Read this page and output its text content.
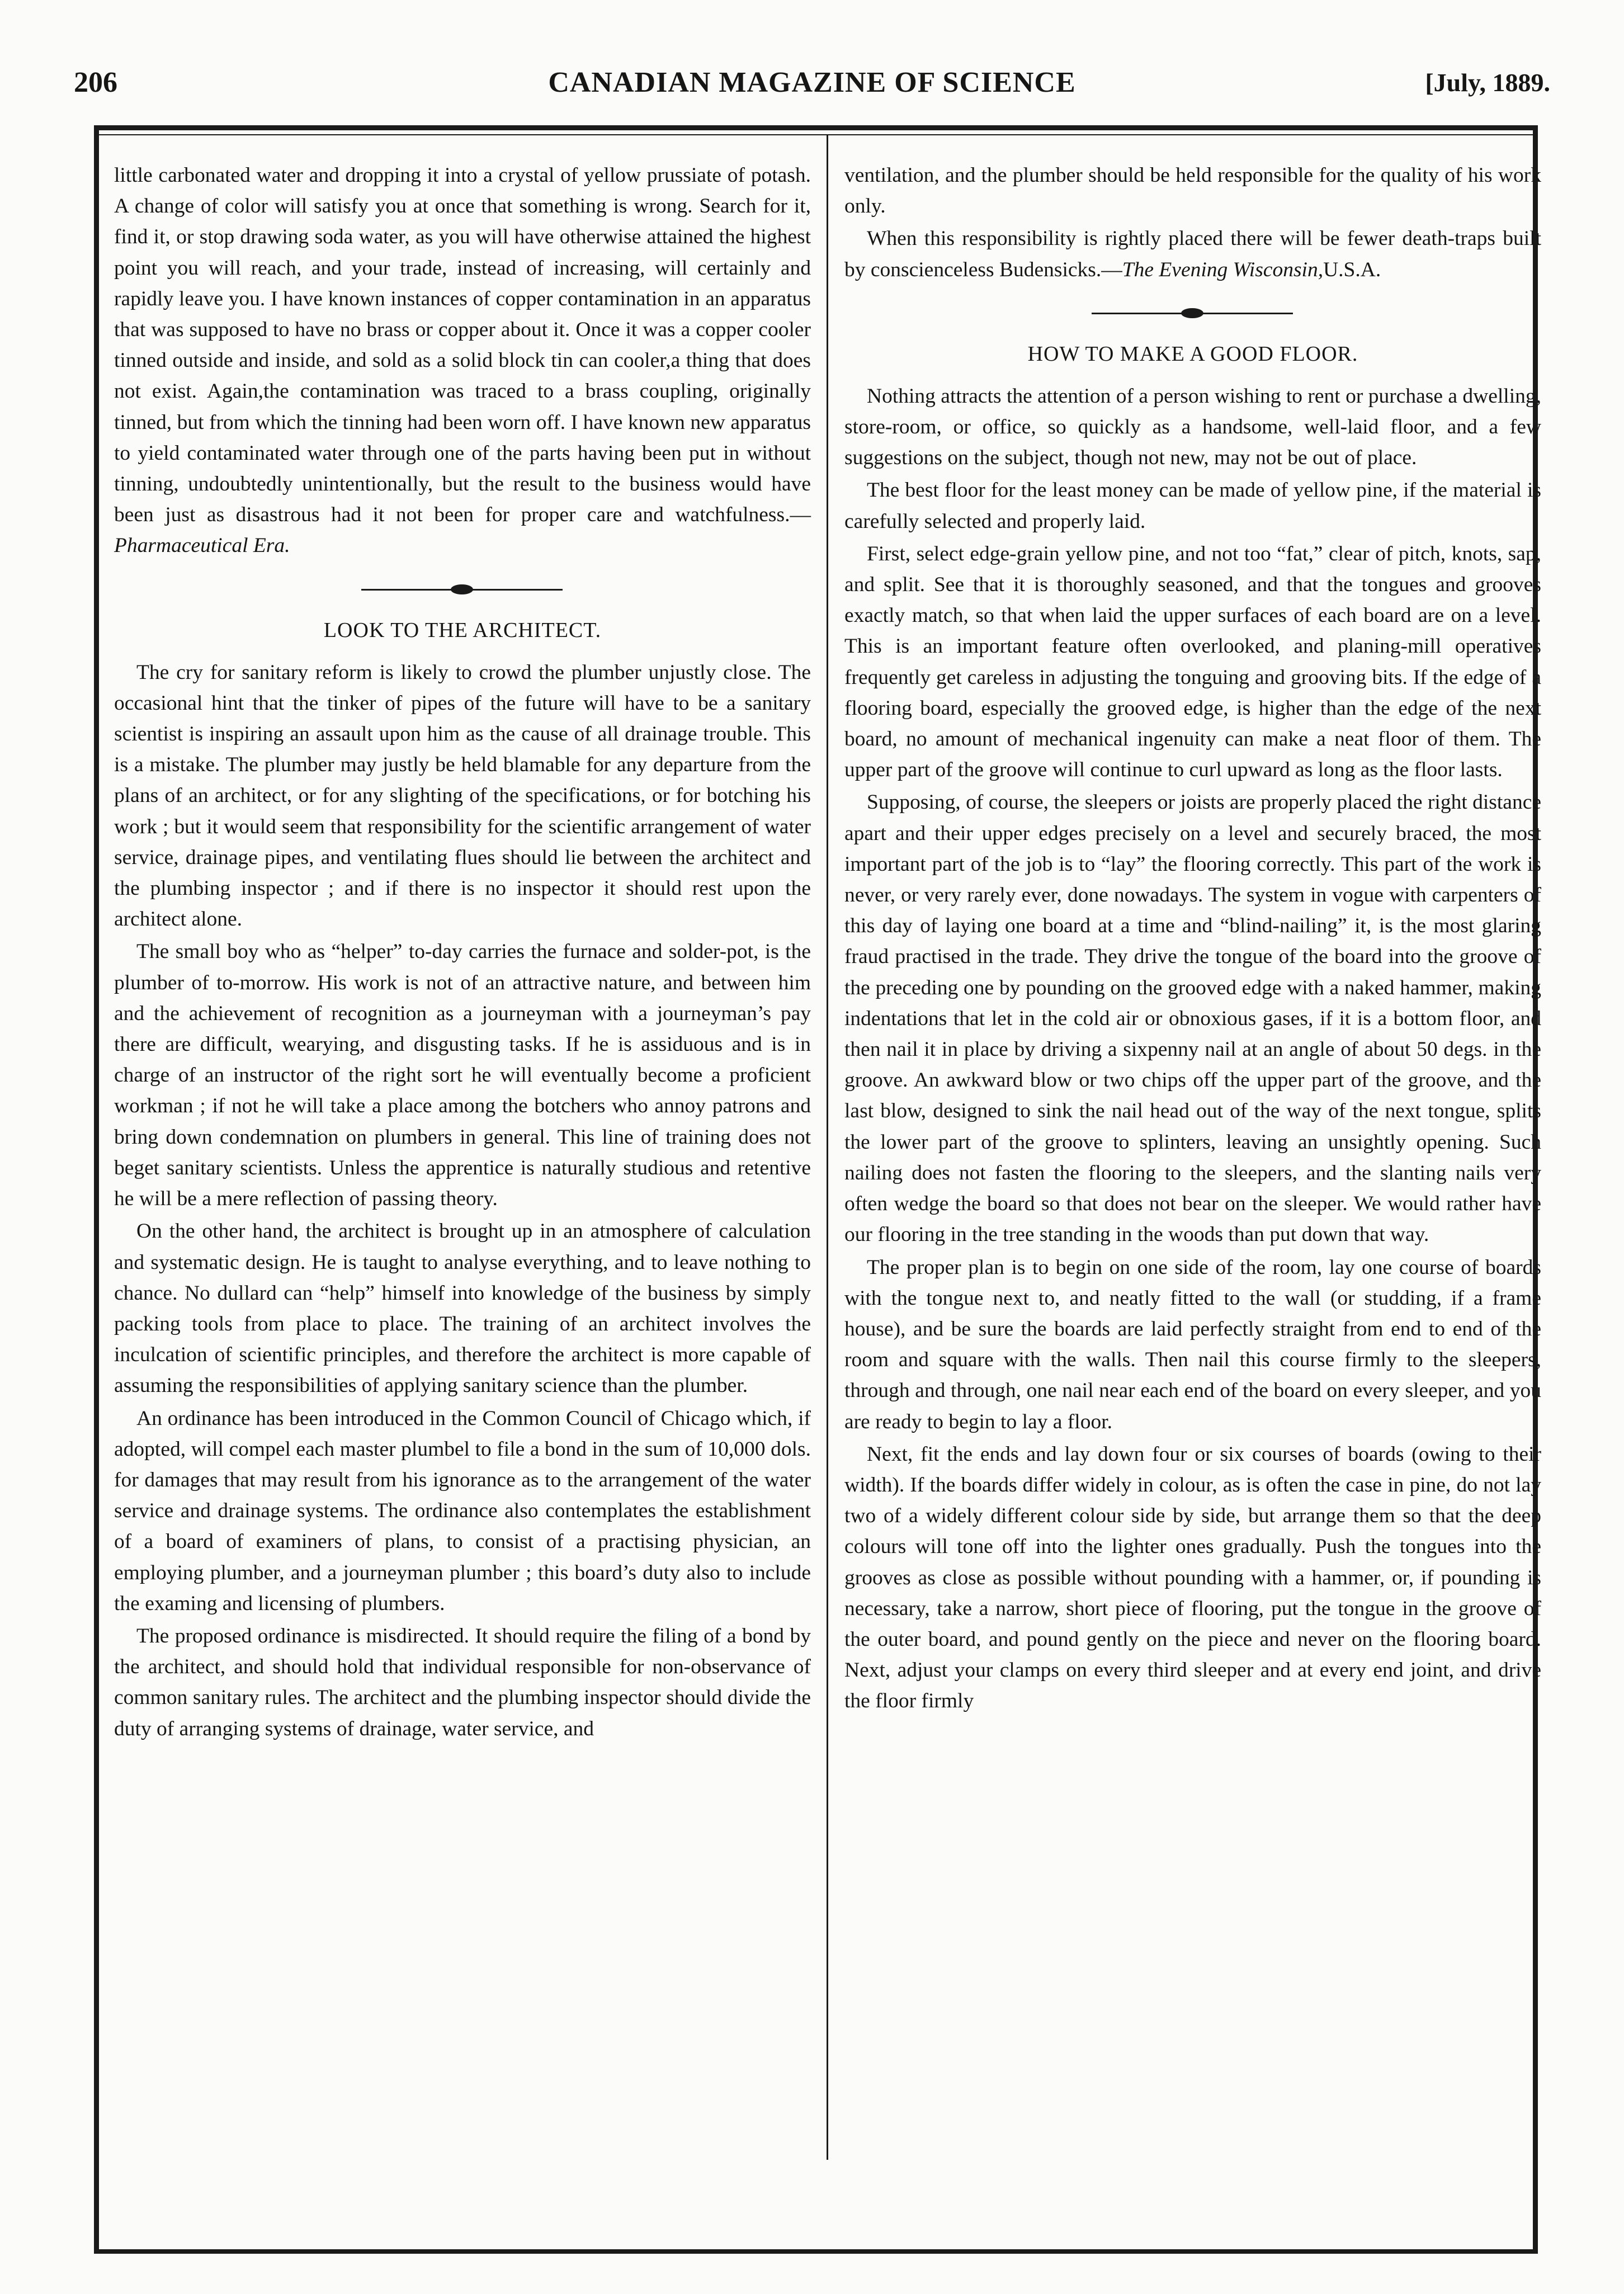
206	CANADIAN MAGAZINE OF SCIENCE	[July, 1889.

little carbonated water and dropping it into a crystal of yellow prussiate of potash. A change of color will satisfy you at once that something is wrong. Search for it, find it, or stop drawing soda water, as you will have otherwise attained the highest point you will reach, and your trade, instead of increasing, will certainly and rapidly leave you. I have known instances of copper contamination in an apparatus that was supposed to have no brass or copper about it. Once it was a copper cooler tinned outside and inside, and sold as a solid block tin can cooler,a thing that does not exist. Again,the contamination was traced to a brass coupling, originally tinned, but from which the tinning had been worn off. I have known new apparatus to yield contaminated water through one of the parts having been put in without tinning, undoubtedly unintentionally, but the result to the business would have been just as disastrous had it not been for proper care and watchfulness.—Pharmaceutical Era.

LOOK TO THE ARCHITECT.

The cry for sanitary reform is likely to crowd the plumber unjustly close. The occasional hint that the tinker of pipes of the future will have to be a sanitary scientist is inspiring an assault upon him as the cause of all drainage trouble. This is a mistake. The plumber may justly be held blamable for any departure from the plans of an architect, or for any slighting of the specifications, or for botching his work ; but it would seem that responsibility for the scientific arrangement of water service, drainage pipes, and ventilating flues should lie between the architect and the plumbing inspector ; and if there is no inspector it should rest upon the architect alone.

The small boy who as “helper” to-day carries the furnace and solder-pot, is the plumber of to-morrow. His work is not of an attractive nature, and between him and the achievement of recognition as a journeyman with a journeyman’s pay there are difficult, wearying, and disgusting tasks. If he is assiduous and is in charge of an instructor of the right sort he will eventually become a proficient workman ; if not he will take a place among the botchers who annoy patrons and bring down condemnation on plumbers in general. This line of training does not beget sanitary scientists. Unless the apprentice is naturally studious and retentive he will be a mere reflection of passing theory.

On the other hand, the architect is brought up in an atmosphere of calculation and systematic design. He is taught to analyse everything, and to leave nothing to chance. No dullard can “help” himself into knowledge of the business by simply packing tools from place to place. The training of an architect involves the inculcation of scientific principles, and therefore the architect is more capable of assuming the responsibilities of applying sanitary science than the plumber.

An ordinance has been introduced in the Common Council of Chicago which, if adopted, will compel each master plumbel to file a bond in the sum of 10,000 dols. for damages that may result from his ignorance as to the arrangement of the water service and drainage systems. The ordinance also contemplates the establishment of a board of examiners of plans, to consist of a practising physician, an employing plumber, and a journeyman plumber ; this board’s duty also to include the examing and licensing of plumbers.

The proposed ordinance is misdirected. It should require the filing of a bond by the architect, and should hold that individual responsible for non-observance of common sanitary rules. The architect and the plumbing inspector should divide the duty of arranging systems of drainage, water service, and

ventilation, and the plumber should be held responsible for the quality of his work only.

When this responsibility is rightly placed there will be fewer death-traps built by conscienceless Budensicks.—The Evening Wisconsin,U.S.A.

HOW TO MAKE A GOOD FLOOR.

Nothing attracts the attention of a person wishing to rent or purchase a dwelling, store-room, or office, so quickly as a handsome, well-laid floor, and a few suggestions on the subject, though not new, may not be out of place.

The best floor for the least money can be made of yellow pine, if the material is carefully selected and properly laid.

First, select edge-grain yellow pine, and not too “fat,” clear of pitch, knots, sap, and split. See that it is thoroughly seasoned, and that the tongues and grooves exactly match, so that when laid the upper surfaces of each board are on a level. This is an important feature often overlooked, and planing-mill operatives frequently get careless in adjusting the tonguing and grooving bits. If the edge of a flooring board, especially the grooved edge, is higher than the edge of the next board, no amount of mechanical ingenuity can make a neat floor of them. The upper part of the groove will continue to curl upward as long as the floor lasts.

Supposing, of course, the sleepers or joists are properly placed the right distance apart and their upper edges precisely on a level and securely braced, the most important part of the job is to “lay” the flooring correctly. This part of the work is never, or very rarely ever, done nowadays. The system in vogue with carpenters of this day of laying one board at a time and “blind-nailing” it, is the most glaring fraud practised in the trade. They drive the tongue of the board into the groove of the preceding one by pounding on the grooved edge with a naked hammer, making indentations that let in the cold air or obnoxious gases, if it is a bottom floor, and then nail it in place by driving a sixpenny nail at an angle of about 50 degs. in the groove. An awkward blow or two chips off the upper part of the groove, and the last blow, designed to sink the nail head out of the way of the next tongue, splits the lower part of the groove to splinters, leaving an unsightly opening. Such nailing does not fasten the flooring to the sleepers, and the slanting nails very often wedge the board so that does not bear on the sleeper. We would rather have our flooring in the tree standing in the woods than put down that way.

The proper plan is to begin on one side of the room, lay one course of boards with the tongue next to, and neatly fitted to the wall (or studding, if a frame house), and be sure the boards are laid perfectly straight from end to end of the room and square with the walls. Then nail this course firmly to the sleepers, through and through, one nail near each end of the board on every sleeper, and you are ready to begin to lay a floor.

Next, fit the ends and lay down four or six courses of boards (owing to their width). If the boards differ widely in colour, as is often the case in pine, do not lay two of a widely different colour side by side, but arrange them so that the deep colours will tone off into the lighter ones gradually. Push the tongues into the grooves as close as possible without pounding with a hammer, or, if pounding is necessary, take a narrow, short piece of flooring, put the tongue in the groove of the outer board, and pound gently on the piece and never on the flooring board. Next, adjust your clamps on every third sleeper and at every end joint, and drive the floor firmly
